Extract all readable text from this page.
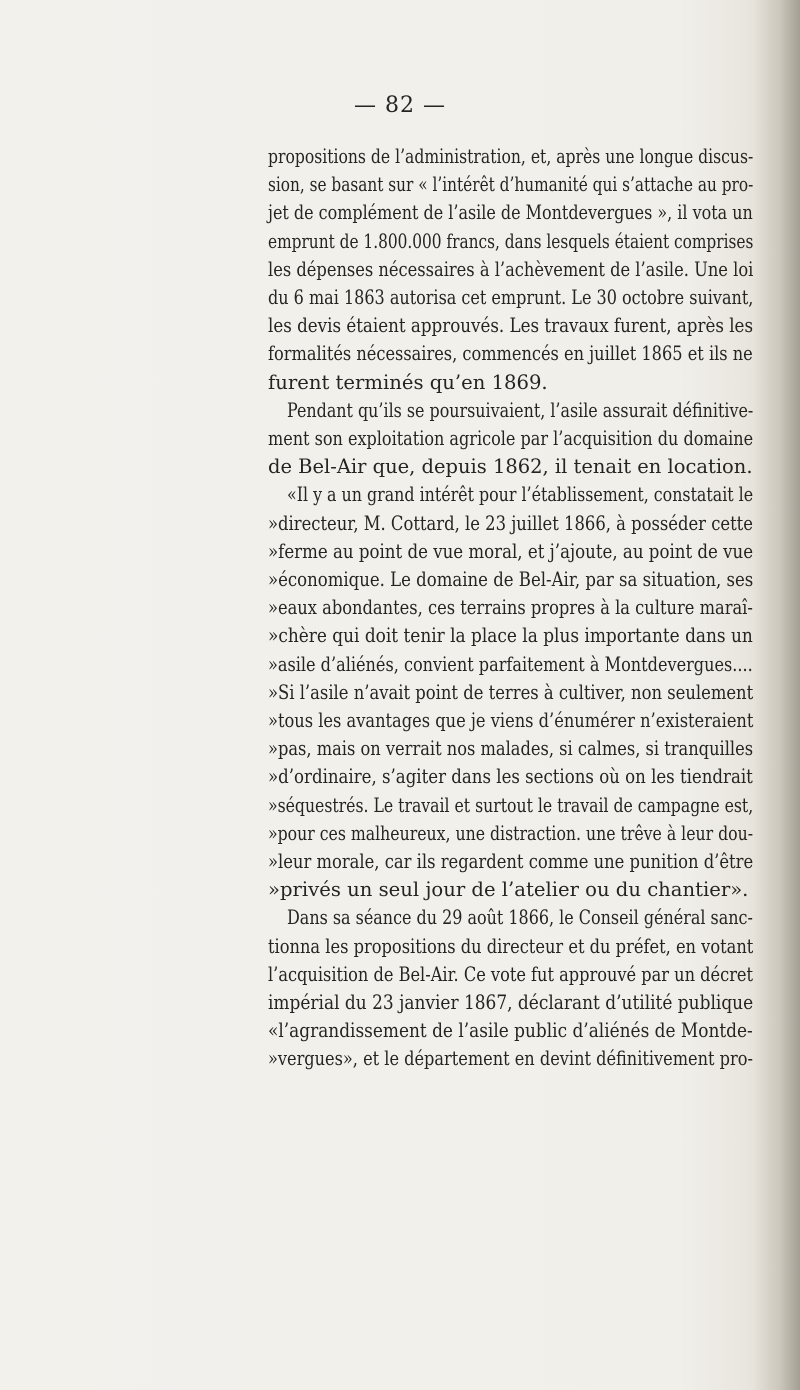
— 82 —
propositions de l’administration, et, après une longue discus-
sion, se basant sur « l’intérêt d’humanité qui s’attache au pro-
jet de complément de l’asile de Montdevergues », il vota un
emprunt de 1.800.000 francs, dans lesquels étaient comprises
les dépenses nécessaires à l’achèvement de l’asile. Une loi
du 6 mai 1863 autorisa cet emprunt. Le 30 octobre suivant,
les devis étaient approuvés. Les travaux furent, après les
formalités nécessaires, commencés en juillet 1865 et ils ne
furent terminés qu’en 1869.
Pendant qu’ils se poursuivaient, l’asile assurait définitive-
ment son exploitation agricole par l’acquisition du domaine
de Bel-Air que, depuis 1862, il tenait en location.
«Il y a un grand intérêt pour l’établissement, constatait le
»directeur, M. Cottard, le 23 juillet 1866, à posséder cette
»ferme au point de vue moral, et j’ajoute, au point de vue
»économique. Le domaine de Bel-Air, par sa situation, ses
»eaux abondantes, ces terrains propres à la culture maraî-
»chère qui doit tenir la place la plus importante dans un
»asile d’aliénés, convient parfaitement à Montdevergues....
»Si l’asile n’avait point de terres à cultiver, non seulement
»tous les avantages que je viens d’énumérer n’existeraient
»pas, mais on verrait nos malades, si calmes, si tranquilles
»d’ordinaire, s’agiter dans les sections où on les tiendrait
»séquestrés. Le travail et surtout le travail de campagne est,
»pour ces malheureux, une distraction. une trêve à leur dou-
»leur morale, car ils regardent comme une punition d’être
»privés un seul jour de l’atelier ou du chantier».
Dans sa séance du 29 août 1866, le Conseil général sanc-
tionna les propositions du directeur et du préfet, en votant
l’acquisition de Bel-Air. Ce vote fut approuvé par un décret
impérial du 23 janvier 1867, déclarant d’utilité publique
«l’agrandissement de l’asile public d’aliénés de Montde-
»vergues», et le département en devint définitivement pro-
